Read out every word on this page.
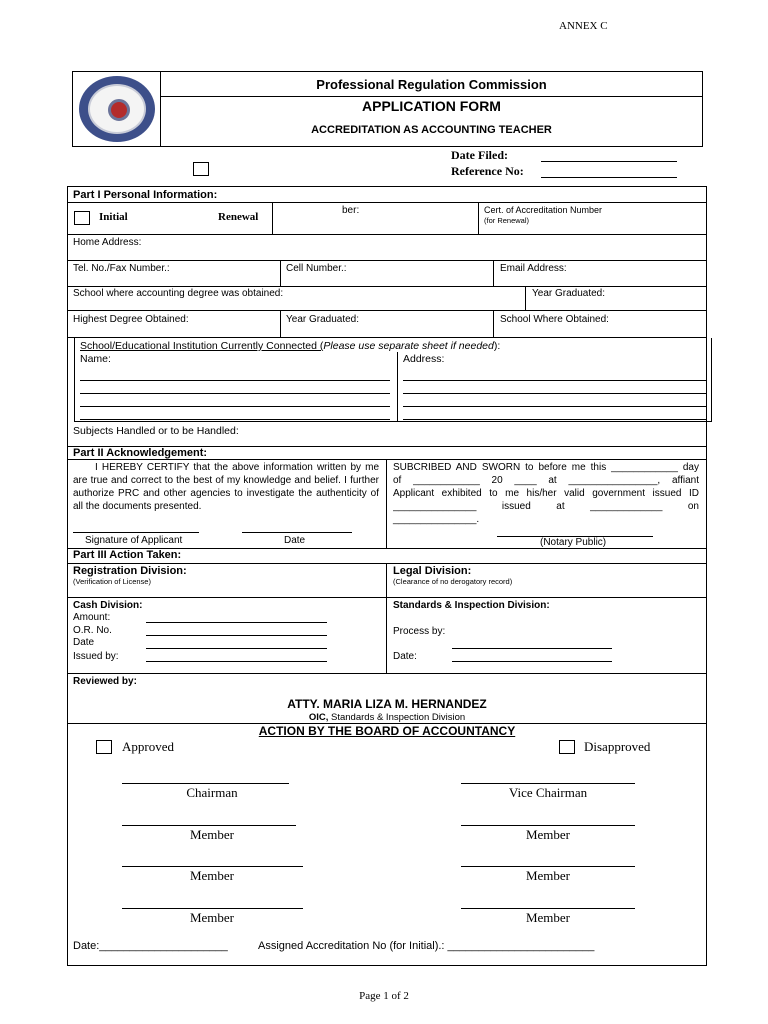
ANNEX C
Professional Regulation Commission
APPLICATION FORM
ACCREDITATION AS ACCOUNTING TEACHER
Date Filed:
Reference No:
Part I Personal Information:
Initial	Renewal
ber:	Cert. of Accreditation Number
(for Renewal)
Home Address:
Tel. No./Fax Number.:	Cell Number.:	Email Address:
School where accounting degree was obtained:	Year Graduated:
Highest Degree Obtained:	Year Graduated:	School Where Obtained:
School/Educational Institution Currently Connected (Please use separate sheet if needed):
Name:	Address:
Subjects Handled or to be Handled:
Part II Acknowledgement:
I HEREBY CERTIFY that the above information written by me are true and correct to the best of my knowledge and belief. I further authorize PRC and other agencies to investigate the authenticity of all the documents presented.
Signature of Applicant	Date
SUBCRIBED AND SWORN to before me this ____________ day
of ____________ 20 ____ at ________________, affiant
Applicant exhibited to me his/her valid government issued ID
_______________ issued at _____________ on
_______________.
(Notary Public)
Part III Action Taken:
Registration Division:
(Verification of License)
Legal Division:
(Clearance of no derogatory record)
Cash Division:
Amount:
O.R. No.
Date
Issued by:
Standards & Inspection Division:
Process by:
Date:
Reviewed by:
ATTY. MARIA LIZA M. HERNANDEZ
OIC, Standards & Inspection Division
ACTION BY THE BOARD OF ACCOUNTANCY
Approved	Disapproved
Chairman	Vice Chairman
Member	Member
Member	Member
Member	Member
Date:_____________________	Assigned Accreditation No (for Initial).: ________________________
Page 1 of 2
